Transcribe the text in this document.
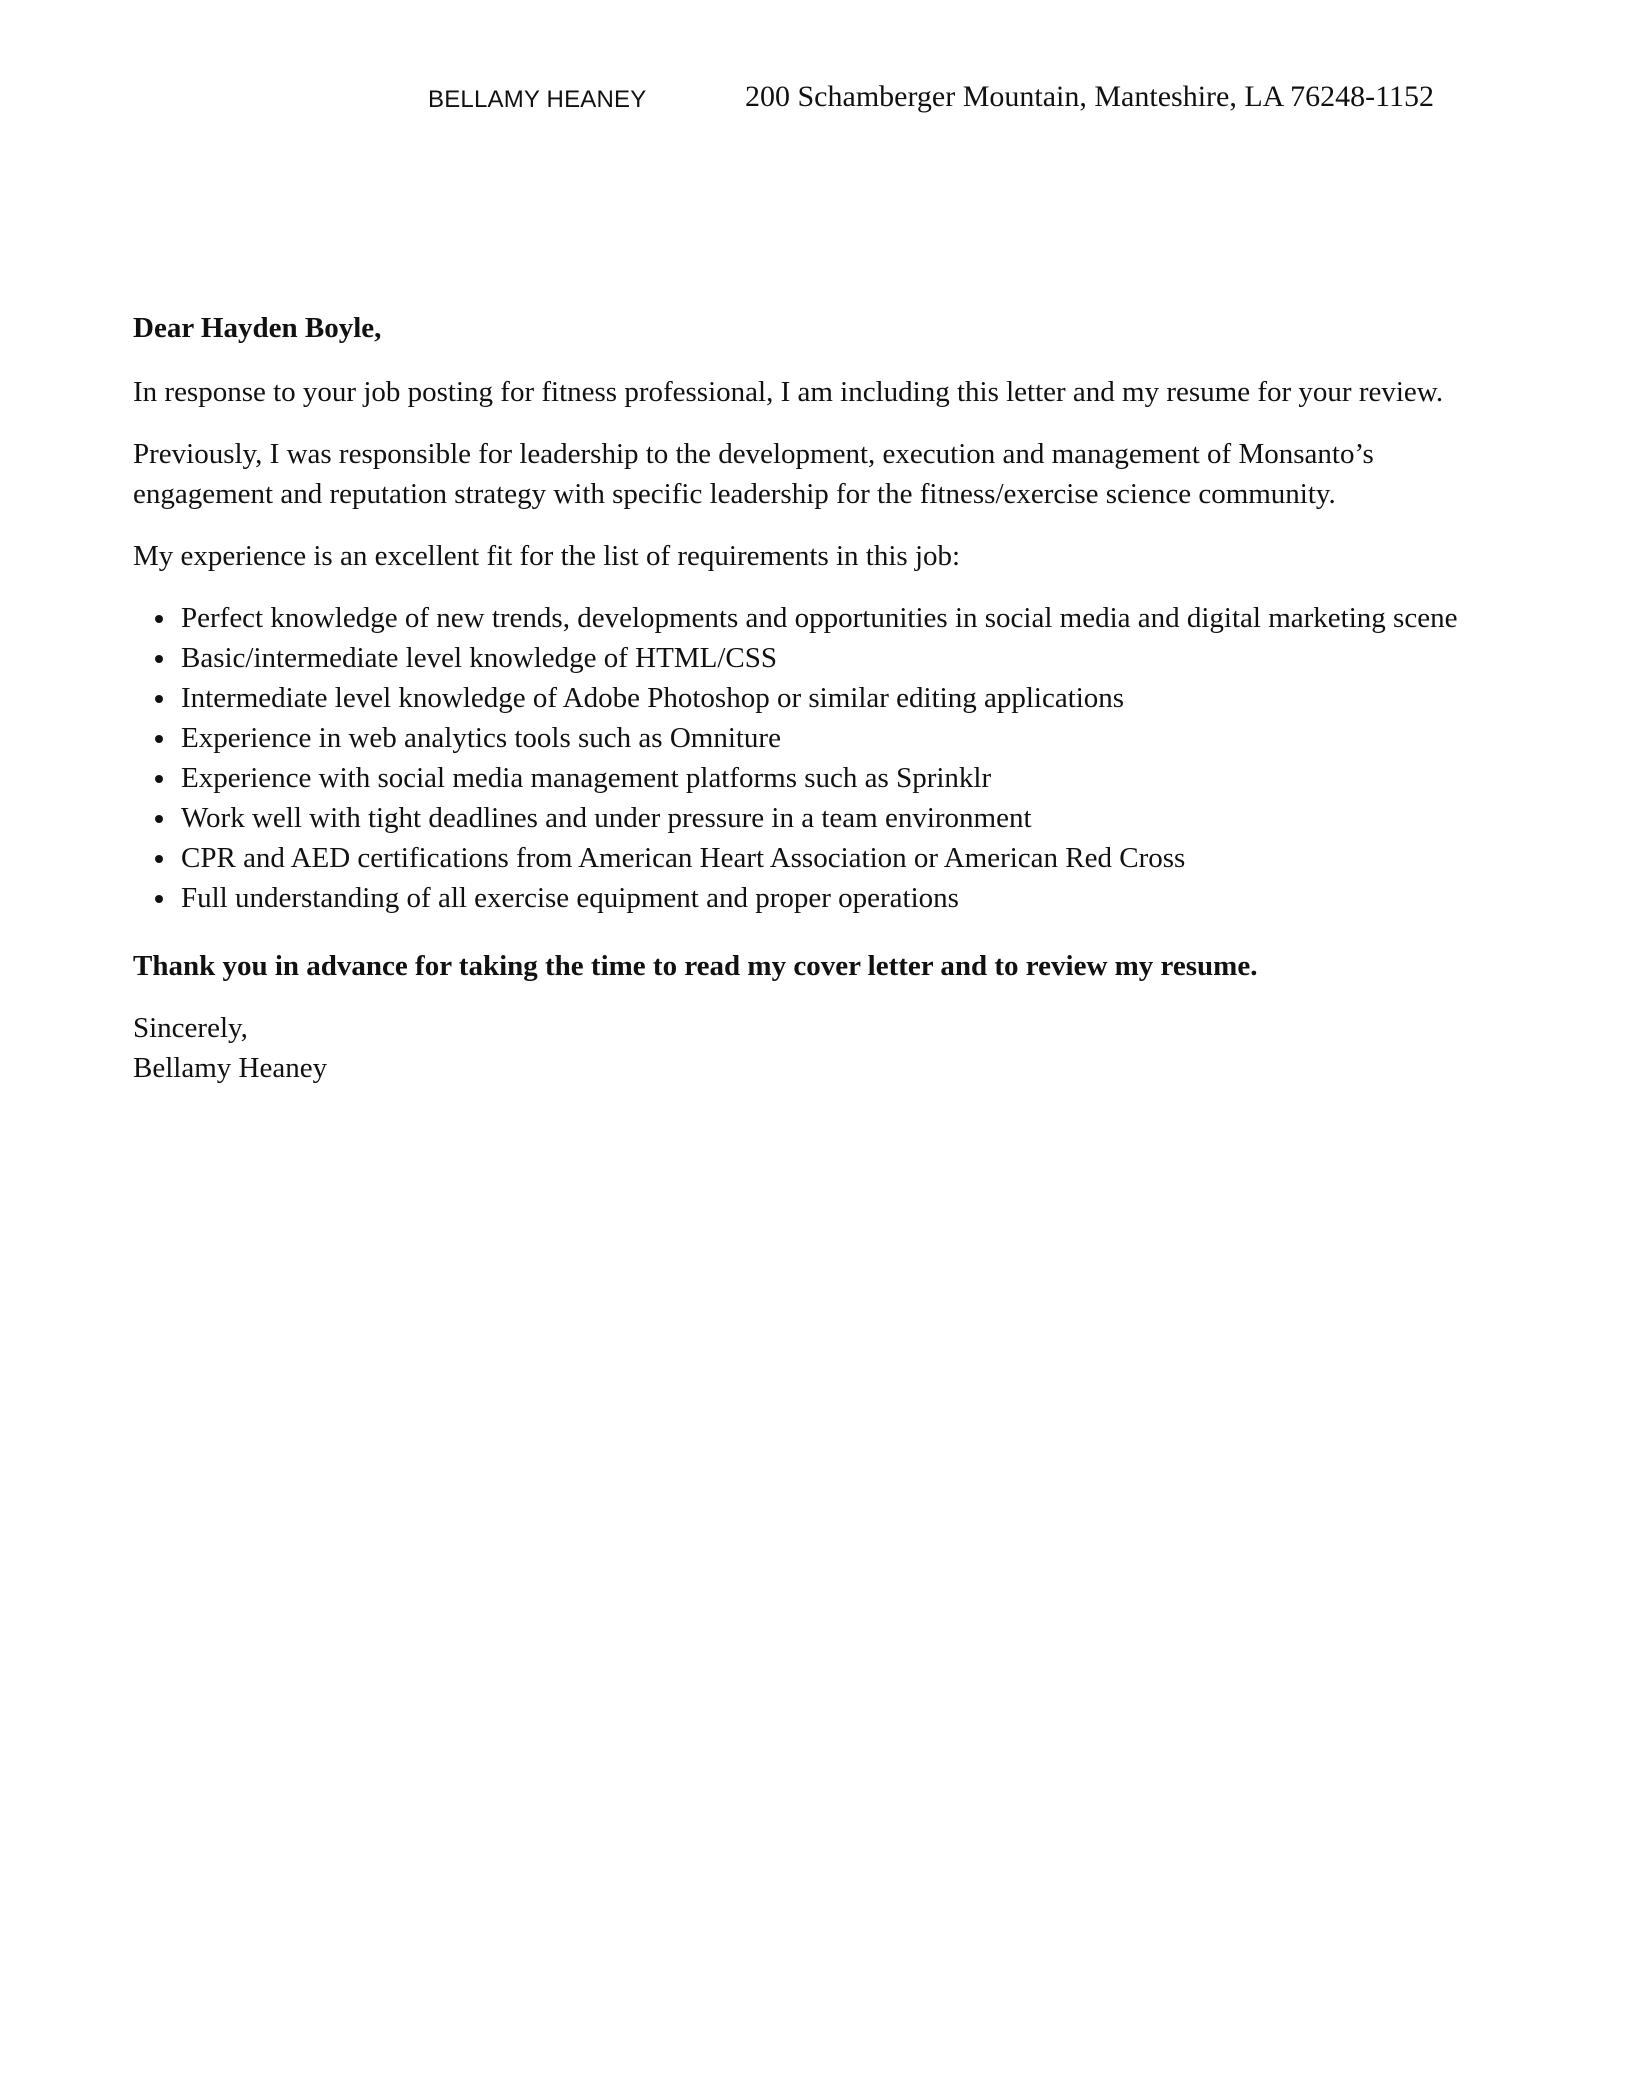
BELLAMY HEANEY	200 Schamberger Mountain, Manteshire, LA 76248-1152

Dear Hayden Boyle,

In response to your job posting for fitness professional, I am including this letter and my resume for your review.

Previously, I was responsible for leadership to the development, execution and management of Monsanto’s engagement and reputation strategy with specific leadership for the fitness/exercise science community.

My experience is an excellent fit for the list of requirements in this job:

Perfect knowledge of new trends, developments and opportunities in social media and digital marketing scene
Basic/intermediate level knowledge of HTML/CSS
Intermediate level knowledge of Adobe Photoshop or similar editing applications
Experience in web analytics tools such as Omniture
Experience with social media management platforms such as Sprinklr
Work well with tight deadlines and under pressure in a team environment
CPR and AED certifications from American Heart Association or American Red Cross
Full understanding of all exercise equipment and proper operations

Thank you in advance for taking the time to read my cover letter and to review my resume.

Sincerely,

Bellamy Heaney
